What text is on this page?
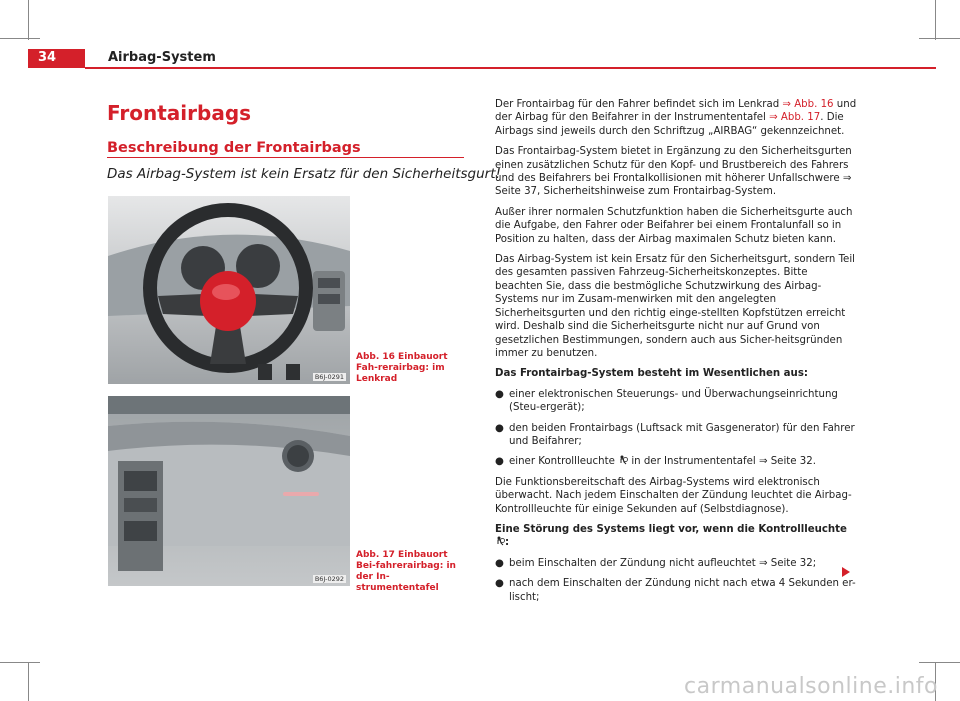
34	Airbag-System
Frontairbags
Beschreibung der Frontairbags
Das Airbag-System ist kein Ersatz für den Sicherheitsgurt!
B6J-0291
Abb. 16 Einbauort Fah-rerairbag: im Lenkrad
B6J-0292
Abb. 17 Einbauort Bei-fahrerairbag: in der In-strumententafel

Der Frontairbag für den Fahrer befindet sich im Lenkrad ⇒ Abb. 16 und der Airbag für den Beifahrer in der Instrumententafel ⇒ Abb. 17. Die Airbags sind jeweils durch den Schriftzug „AIRBAG“ gekennzeichnet.

Das Frontairbag-System bietet in Ergänzung zu den Sicherheitsgurten einen zusätzlichen Schutz für den Kopf- und Brustbereich des Fahrers und des Beifahrers bei Frontalkollisionen mit höherer Unfallschwere ⇒ Seite 37, Sicherheitshinweise zum Frontairbag-System.

Außer ihrer normalen Schutzfunktion haben die Sicherheitsgurte auch die Aufgabe, den Fahrer oder Beifahrer bei einem Frontalunfall so in Position zu halten, dass der Airbag maximalen Schutz bieten kann.

Das Airbag-System ist kein Ersatz für den Sicherheitsgurt, sondern Teil des gesamten passiven Fahrzeug-Sicherheitskonzeptes. Bitte beachten Sie, dass die bestmögliche Schutzwirkung des Airbag-Systems nur im Zusam-menwirken mit den angelegten Sicherheitsgurten und den richtig einge-stellten Kopfstützen erreicht wird. Deshalb sind die Sicherheitsgurte nicht nur auf Grund von gesetzlichen Bestimmungen, sondern auch aus Sicher-heitsgründen immer zu benutzen.

Das Frontairbag-System besteht im Wesentlichen aus:

● einer elektronischen Steuerungs- und Überwachungseinrichtung (Steu-ergerät);
● den beiden Frontairbags (Luftsack mit Gasgenerator) für den Fahrer und Beifahrer;
● einer Kontrollleuchte  in der Instrumententafel ⇒ Seite 32.

Die Funktionsbereitschaft des Airbag-Systems wird elektronisch überwacht. Nach jedem Einschalten der Zündung leuchtet die Airbag-Kontrollleuchte für einige Sekunden auf (Selbstdiagnose).

Eine Störung des Systems liegt vor, wenn die Kontrollleuchte :

● beim Einschalten der Zündung nicht aufleuchtet ⇒ Seite 32;
● nach dem Einschalten der Zündung nicht nach etwa 4 Sekunden er-lischt;
carmanualsonline.info
